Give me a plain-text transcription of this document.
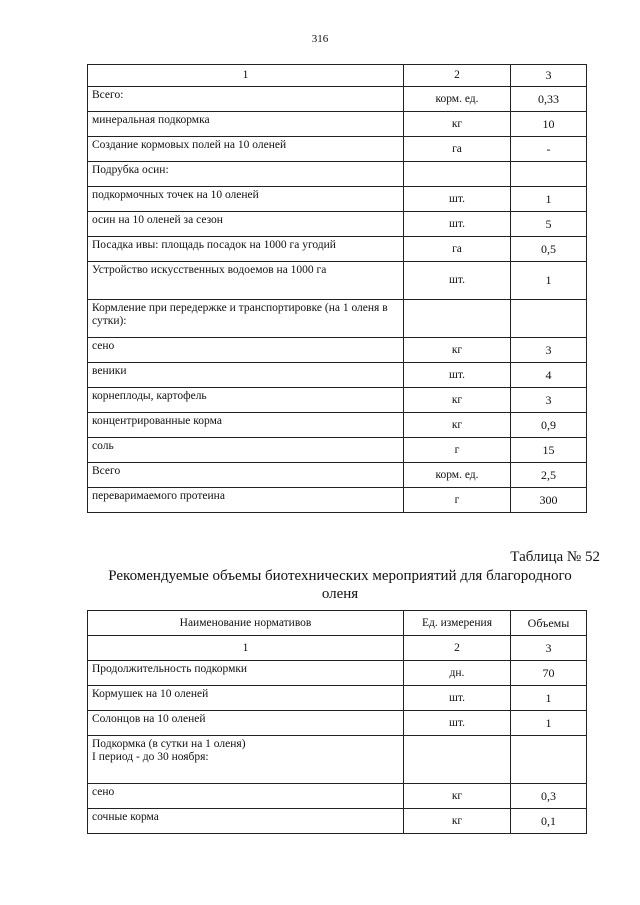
316
1	2	3
Всего:	корм. ед.	0,33
минеральная подкормка	кг	10
Создание кормовых полей на 10 оленей	га	-
Подрубка осин:		
подкормочных точек на 10 оленей	шт.	1
осин на 10 оленей за сезон	шт.	5
Посадка ивы: площадь посадок на 1000 га угодий	га	0,5
Устройство искусственных водоемов на 1000 га	шт.	1
Кормление при передержке и транспортировке (на 1 оленя в сутки):		
сено	кг	3
веники	шт.	4
корнеплоды, картофель	кг	3
концентрированные корма	кг	0,9
соль	г	15
Всего	корм. ед.	2,5
переваримаемого протеина	г	300
Таблица № 52
Рекомендуемые объемы биотехнических мероприятий для благородного оленя
Наименование нормативов	Ед. измерения	Объемы
1	2	3
Продолжительность подкормки	дн.	70
Кормушек на 10 оленей	шт.	1
Солонцов на 10 оленей	шт.	1
Подкормка (в сутки на 1 оленя)
I период - до 30 ноября:		
сено	кг	0,3
сочные корма	кг	0,1
